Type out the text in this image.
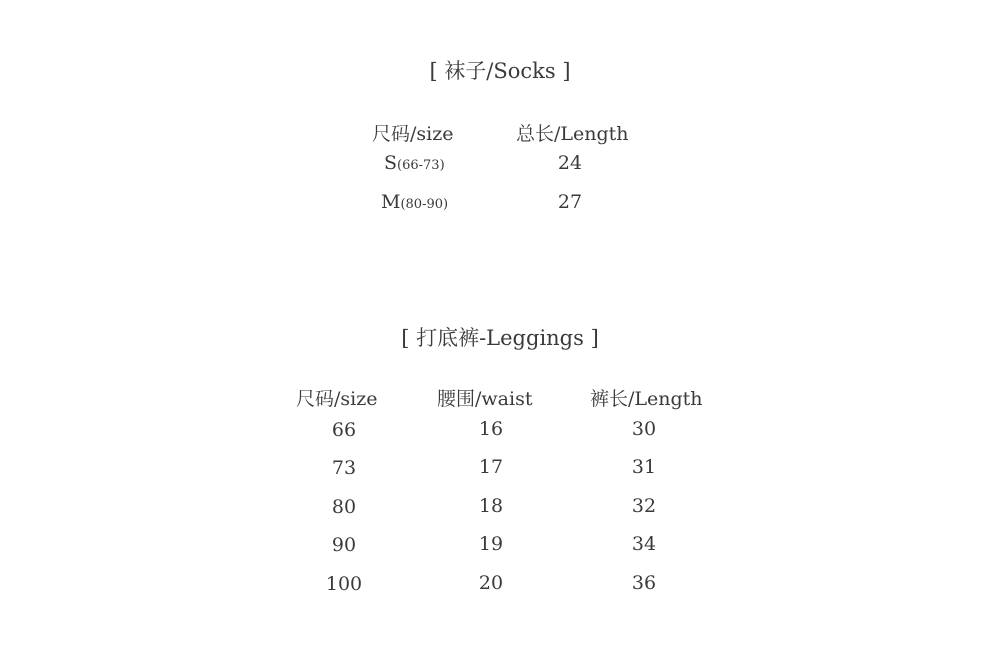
[ 袜子/Socks ]
尺码/size	总长/Length
S(66-73)	24
M(80-90)	27
[ 打底裤-Leggings ]
尺码/size	腰围/waist	裤长/Length
66	16	30
73	17	31
80	18	32
90	19	34
100	20	36
